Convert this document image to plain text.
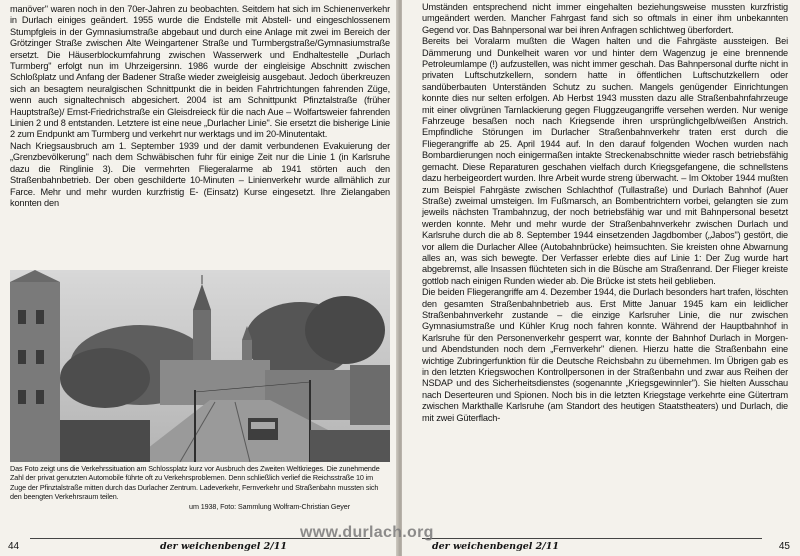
manöver" waren noch in den 70er-Jahren zu beobachten. Seitdem hat sich im Schienenverkehr in Durlach einiges geändert. 1955 wurde die Endstelle mit Abstell- und eingeschlossenem Stumpfgleis in der Gymnasiumstraße abgebaut und durch eine Anlage mit zwei im Bereich der Grötzinger Straße zwischen Alte Weingartener Straße und Turmbergstraße/Gymnasiumstraße ersetzt. Die Häuserblockumfahrung zwischen Wasserwerk und Endhaltestelle „Durlach Turmberg" erfolgt nun im Uhrzeigersinn. 1986 wurde der eingleisige Abschnitt zwischen Schloßplatz und Anfang der Badener Straße wieder zweigleisig ausgebaut. Jedoch überkreuzen sich an besagtem neuralgischen Schnittpunkt die in beiden Fahrtrichtungen fahrenden Züge, wenn auch signaltechnisch abgesichert. 2004 ist am Schnittpunkt Pfinztalstraße (früher Hauptstraße)/ Ernst-Friedrichstraße ein Gleisdreieck für die nach Aue – Wolfartsweier fahrenden Linien 2 und 8 entstanden. Letztere ist eine neue „Durlacher Linie". Sie ersetzt die bisherige Linie 2 zum Endpunkt am Turmberg und verkehrt nur werktags und im 20-Minutentakt.

Nach Kriegsausbruch am 1. September 1939 und der damit verbundenen Evakuierung der „Grenzbevölkerung" nach dem Schwäbischen fuhr für einige Zeit nur die Linie 1 (in Karlsruhe dazu die Ringlinie 3). Die vermehrten Fliegeralarme ab 1941 störten auch den Straßenbahnbetrieb. Der oben geschilderte 10-Minuten – Linienverkehr wurde allmählich zur Farce. Mehr und mehr wurden kurzfristig E- (Einsatz) Kurse eingesetzt. Ihre Zielangaben konnten den

Das Foto zeigt uns die Verkehrssituation am Schlossplatz kurz vor Ausbruch des Zweiten Weltkrieges. Die zunehmende Zahl der privat genutzten Automobile führte oft zu Verkehrsproblemen. Denn schließlich verlief die Reichsstraße 10 im Zuge der Pfinztalstraße mitten durch das Durlacher Zentrum. Ladeverkehr, Fernverkehr und Straßenbahn mussten sich den beengten Verkehrsraum teilen.
um 1938, Foto: Sammlung Wolfram-Christian Geyer
44	der weichenbengel 2/11

Umständen entsprechend nicht immer eingehalten beziehungsweise mussten kurzfristig umgeändert werden. Mancher Fahrgast fand sich so oftmals in einer ihm unbekannten Gegend vor. Das Bahnpersonal war bei ihren Anfragen schlichtweg überfordert.

Bereits bei Voralarm mußten die Wagen halten und die Fahrgäste aussteigen. Bei Dämmerung und Dunkelheit waren vor und hinter dem Wagenzug je eine brennende Petroleumlampe (!) aufzustellen, was nicht immer geschah. Das Bahnpersonal durfte nicht in privaten Luftschutzkellern, sondern hatte in öffentlichen Luftschutzkellern oder sandüberbauten Unterständen Schutz zu suchen. Mangels genügender Einrichtungen konnte dies nur selten erfolgen. Ab Herbst 1943 mussten dazu alle Straßenbahnfahrzeuge mit einer olivgrünen Tarnlackierung gegen Fluggzeugangriffe versehen werden. Nur wenige Fahrzeuge besaßen noch nach Kriegsende ihren ursprünglichgelb/weißen Anstrich. Empfindliche Störungen im Durlacher Straßenbahnverkehr traten erst durch die Fliegerangriffe ab 25. April 1944 auf. In den darauf folgenden Wochen wurden nach Bombardierungen noch einigermaßen intakte Streckenabschnitte wieder rasch betriebsfähig gemacht. Diese Reparaturen geschahen vielfach durch Kriegsgefangene, die schnellstens dazu herbeigeordert wurden. Ihre Arbeit wurde streng überwacht. – Im Oktober 1944 mußten zum Beispiel Fahrgäste zwischen Schlachthof (Tullastraße) und Durlach Bahnhof (Auer Straße) zweimal umsteigen. Im Fußmarsch, an Bombentrichtern vorbei, gelangten sie zum jeweils nächsten Trambahnzug, der noch betriebsfähig war und mit Bahnpersonal besetzt werden konnte. Mehr und mehr wurde der Straßenbahnverkehr zwischen Durlach und Karlsruhe durch die ab 8. September 1944 einsetzenden Jagdbomber („Jabos") gestört, die vor allem die Durlacher Allee (Autobahnbrücke) heimsuchten. Sie kreisten ohne Abwarnung alles an, was sich bewegte. Der Verfasser erlebte dies auf Linie 1: Der Zug wurde hart abgebremst, alle Insassen flüchteten sich in die Büsche am Straßenrand. Der Flieger kreiste gottlob nach einigen Runden wieder ab. Die Brücke ist stets heil geblieben.

Die beiden Fliegerangriffe am 4. Dezember 1944, die Durlach besonders hart trafen, löschten den gesamten Straßenbahnbetrieb aus. Erst Mitte Januar 1945 kam ein leidlicher Straßenbahnverkehr zustande – die einzige Karlsruher Linie, die nur zwischen Gymnasiumstraße und Kühler Krug noch fahren konnte. Während der Hauptbahnhof in Karlsruhe für den Personenverkehr gesperrt war, konnte der Bahnhof Durlach in Morgen- und Abendstunden noch dem „Fernverkehr" dienen. Hierzu hatte die Straßenbahn eine wichtige Zubringerfunktion für die Deutsche Reichsbahn zu übernehmen. Im Übrigen gab es in den letzten Kriegswochen Kontrollpersonen in der Straßenbahn und zwar aus Reihen der NSDAP und des Sicherheitsdienstes (sogenannte „Kriegsgewinnler"). Sie hielten Ausschau nach Deserteuren und Spionen. Noch bis in die letzten Kriegstage verkehrte eine Gütertram zwischen Markthalle Karlsruhe (am Standort des heutigen Staatstheaters) und Durlach, die mit zwei Güterflach-

der weichenbengel 2/11	45
www.durlach.org
